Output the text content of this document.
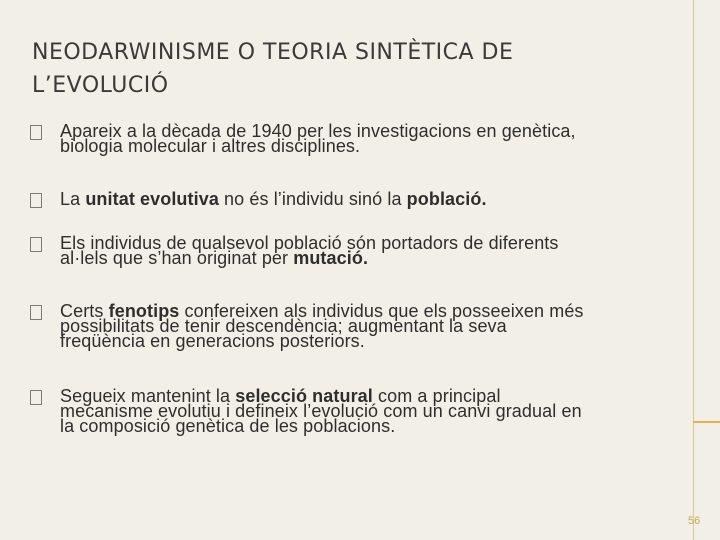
NEODARWINISME O TEORIA SINTÈTICA DE
L’EVOLUCIÓ
Apareix a la dècada de 1940 per les investigacions en genètica,
biologia molecular i altres disciplines.
La unitat evolutiva no és l’individu sinó la població.
Els individus de qualsevol població són portadors de diferents
al·lels que s’han originat per mutació.
Certs fenotips confereixen als individus que els posseeixen més
possibilitats de tenir descendència; augmentant la seva
freqüència en generacions posteriors.
Segueix mantenint la selecció natural com a principal
mecanisme evolutiu i defineix l’evolució com un canvi gradual en
la composició genètica de les poblacions.
56
